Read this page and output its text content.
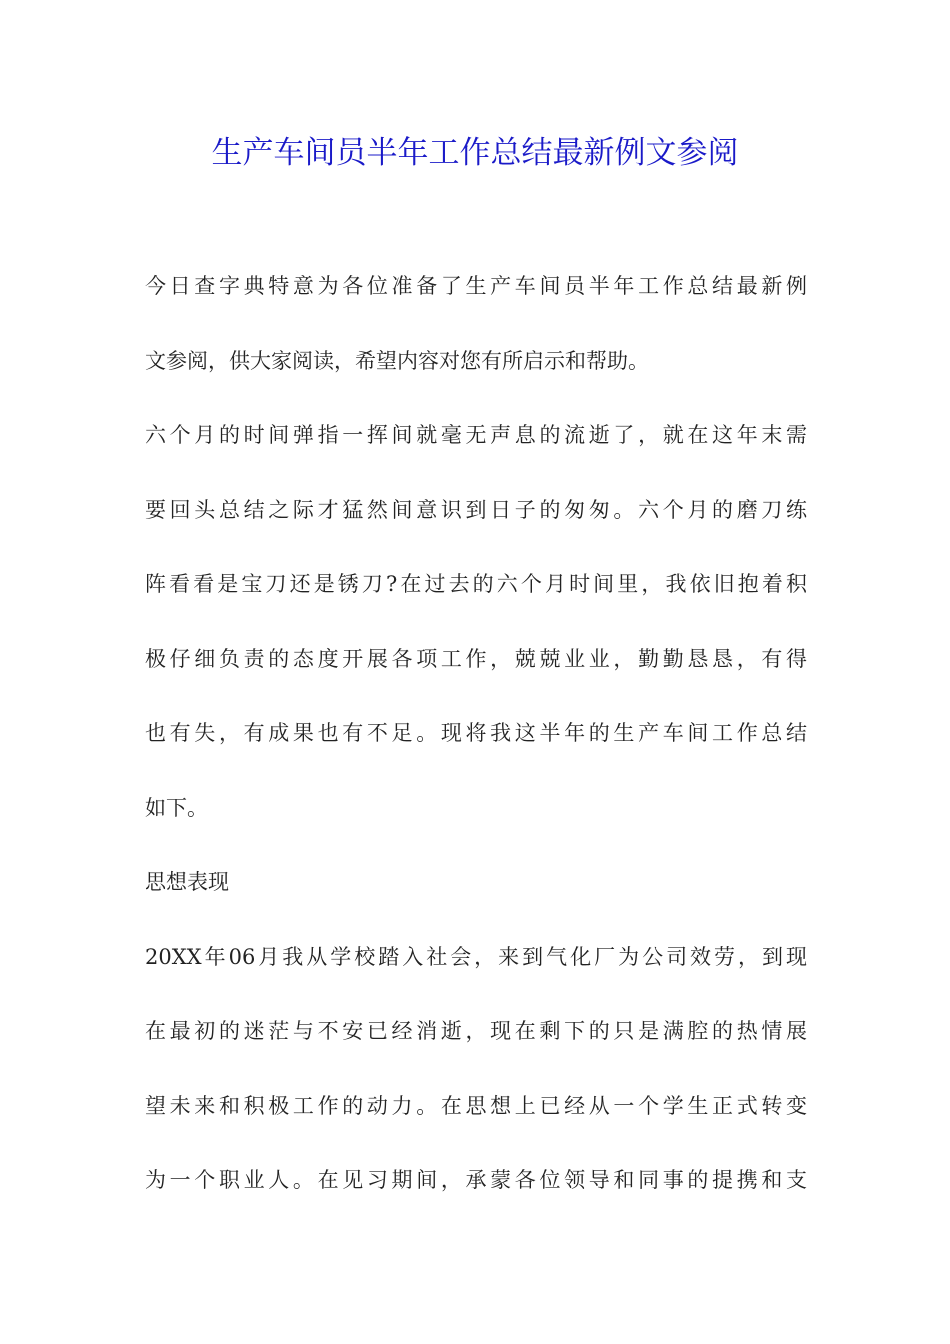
生产车间员半年工作总结最新例文参阅
今日查字典特意为各位准备了生产车间员半年工作总结最新例
文参阅，供大家阅读，希望内容对您有所启示和帮助。
六个月的时间弹指一挥间就毫无声息的流逝了，就在这年末需
要回头总结之际才猛然间意识到日子的匆匆。六个月的磨刀练
阵看看是宝刀还是锈刀?在过去的六个月时间里，我依旧抱着积
极仔细负责的态度开展各项工作，兢兢业业，勤勤恳恳，有得
也有失，有成果也有不足。现将我这半年的生产车间工作总结
如下。
思想表现
20XX年06月我从学校踏入社会，来到气化厂为公司效劳，到现
在最初的迷茫与不安已经消逝，现在剩下的只是满腔的热情展
望未来和积极工作的动力。在思想上已经从一个学生正式转变
为一个职业人。在见习期间，承蒙各位领导和同事的提携和支
